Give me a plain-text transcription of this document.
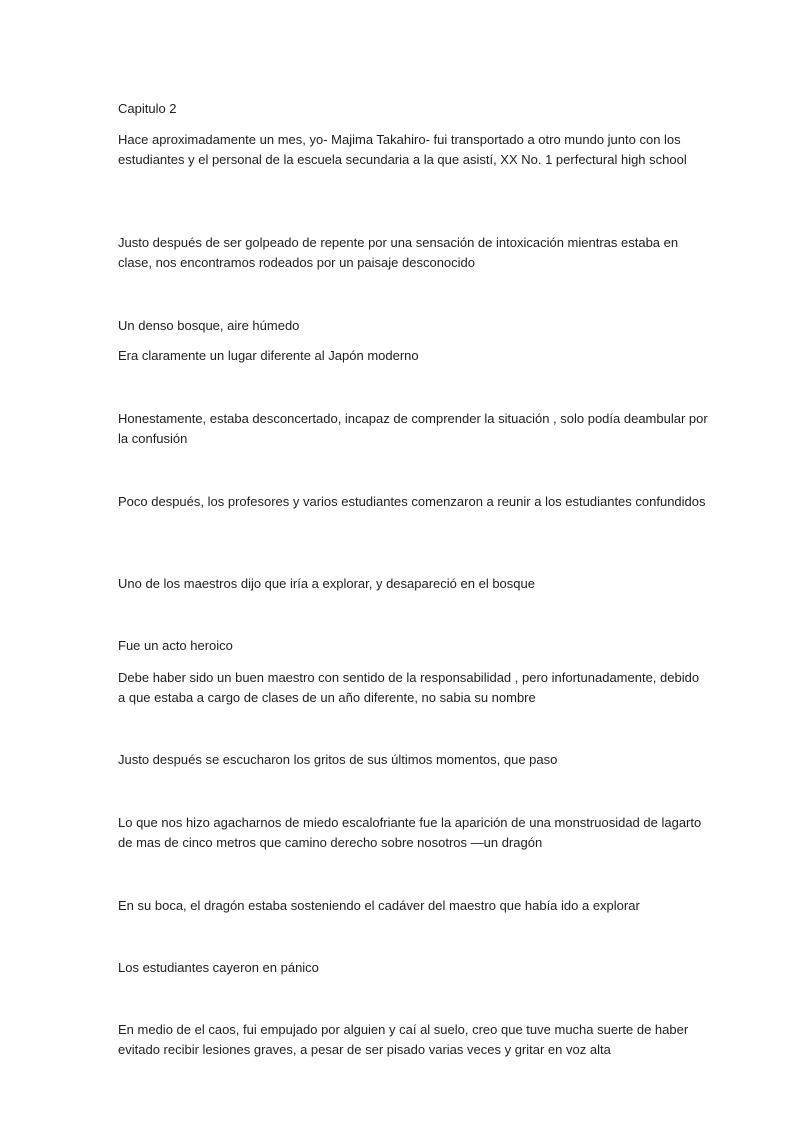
Capitulo 2

Hace aproximadamente un mes, yo- Majima Takahiro- fui transportado a otro mundo junto con los estudiantes y el personal de la escuela secundaria a la que asistí, XX No. 1 perfectural high school

Justo después de ser golpeado de repente por una sensación de intoxicación mientras estaba en clase, nos encontramos rodeados por un paisaje desconocido

Un denso bosque, aire húmedo

Era claramente un lugar diferente al Japón moderno

Honestamente, estaba desconcertado, incapaz de comprender la situación , solo podía deambular por la confusión

Poco después, los profesores y varios estudiantes comenzaron a reunir a los estudiantes confundidos

Uno de los maestros dijo que iría a explorar, y desapareció en el bosque

Fue un acto heroico

Debe haber sido un buen maestro con sentido de la responsabilidad , pero infortunadamente, debido a que estaba a cargo de clases de un año diferente, no sabia su nombre

Justo después se escucharon los gritos de sus últimos momentos, que paso

Lo que nos hizo agacharnos de miedo escalofriante fue la aparición de una monstruosidad de lagarto de mas de cinco metros que camino derecho sobre nosotros —un dragón

En su boca, el dragón estaba sosteniendo el cadáver del maestro que había ido a explorar

Los estudiantes cayeron en pánico

En medio de el caos, fui empujado por alguien y caí al suelo, creo que tuve mucha suerte de haber evitado recibir lesiones graves, a pesar de ser pisado varias veces y gritar en voz alta
